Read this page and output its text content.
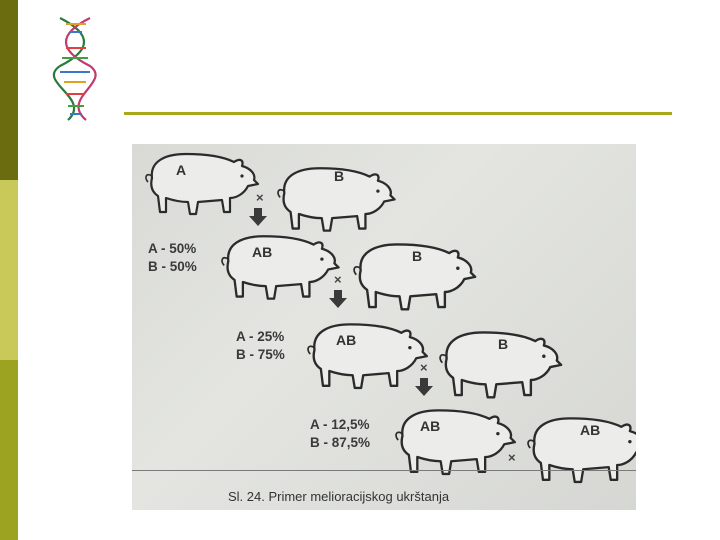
A	B
×
A - 50%
B - 50%
AB	B
×
A - 25%
B - 75%
AB	B
×
A - 12,5%
B - 87,5%
AB	AB
×
Sl. 24. Primer melioracijskog ukrštanja
